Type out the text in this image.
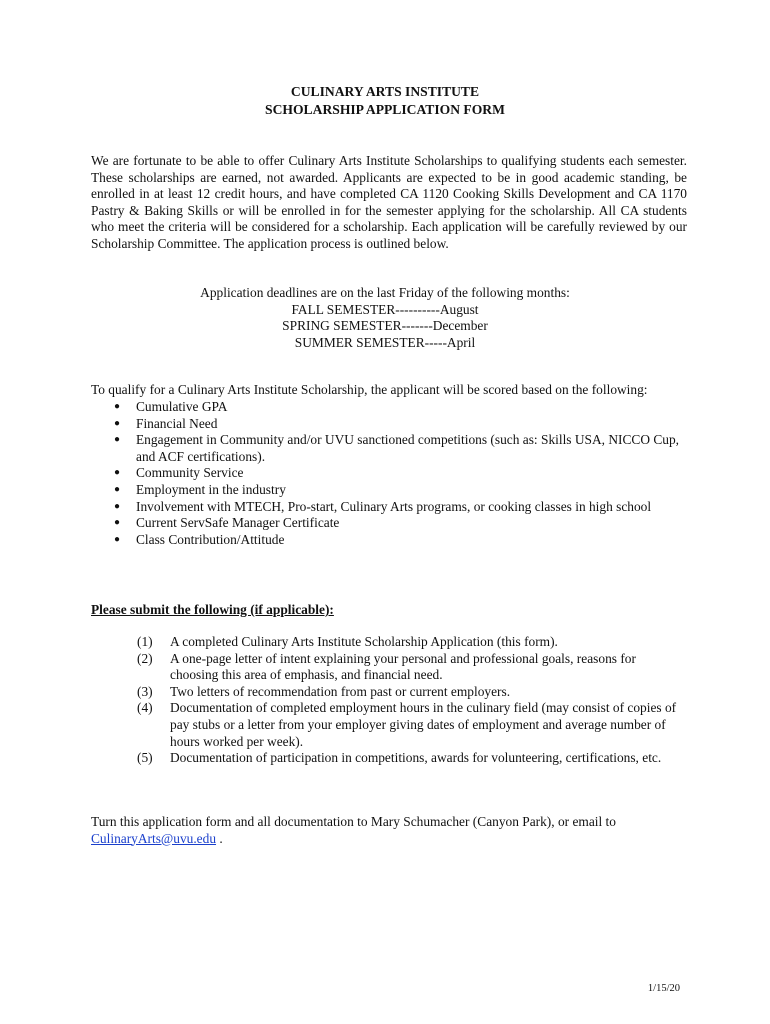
CULINARY ARTS INSTITUTE
SCHOLARSHIP APPLICATION FORM

We are fortunate to be able to offer Culinary Arts Institute Scholarships to qualifying students each semester. These scholarships are earned, not awarded. Applicants are expected to be in good academic standing, be enrolled in at least 12 credit hours, and have completed CA 1120 Cooking Skills Development and CA 1170 Pastry & Baking Skills or will be enrolled in for the semester applying for the scholarship. All CA students who meet the criteria will be considered for a scholarship. Each application will be carefully reviewed by our Scholarship Committee. The application process is outlined below.

Application deadlines are on the last Friday of the following months:
FALL SEMESTER----------August
SPRING SEMESTER-------December
SUMMER SEMESTER-----April

To qualify for a Culinary Arts Institute Scholarship, the applicant will be scored based on the following:

● Cumulative GPA
● Financial Need
● Engagement in Community and/or UVU sanctioned competitions (such as: Skills USA, NICCO Cup, and ACF certifications).
● Community Service
● Employment in the industry
● Involvement with MTECH, Pro-start, Culinary Arts programs, or cooking classes in high school
● Current ServSafe Manager Certificate
● Class Contribution/Attitude
Please submit the following (if applicable):
(1) A completed Culinary Arts Institute Scholarship Application (this form).
(2) A one-page letter of intent explaining your personal and professional goals, reasons for choosing this area of emphasis, and financial need.
(3) Two letters of recommendation from past or current employers.
(4) Documentation of completed employment hours in the culinary field (may consist of copies of pay stubs or a letter from your employer giving dates of employment and average number of hours worked per week).
(5) Documentation of participation in competitions, awards for volunteering, certifications, etc.

Turn this application form and all documentation to Mary Schumacher (Canyon Park), or email to CulinaryArts@uvu.edu .

1/15/20
